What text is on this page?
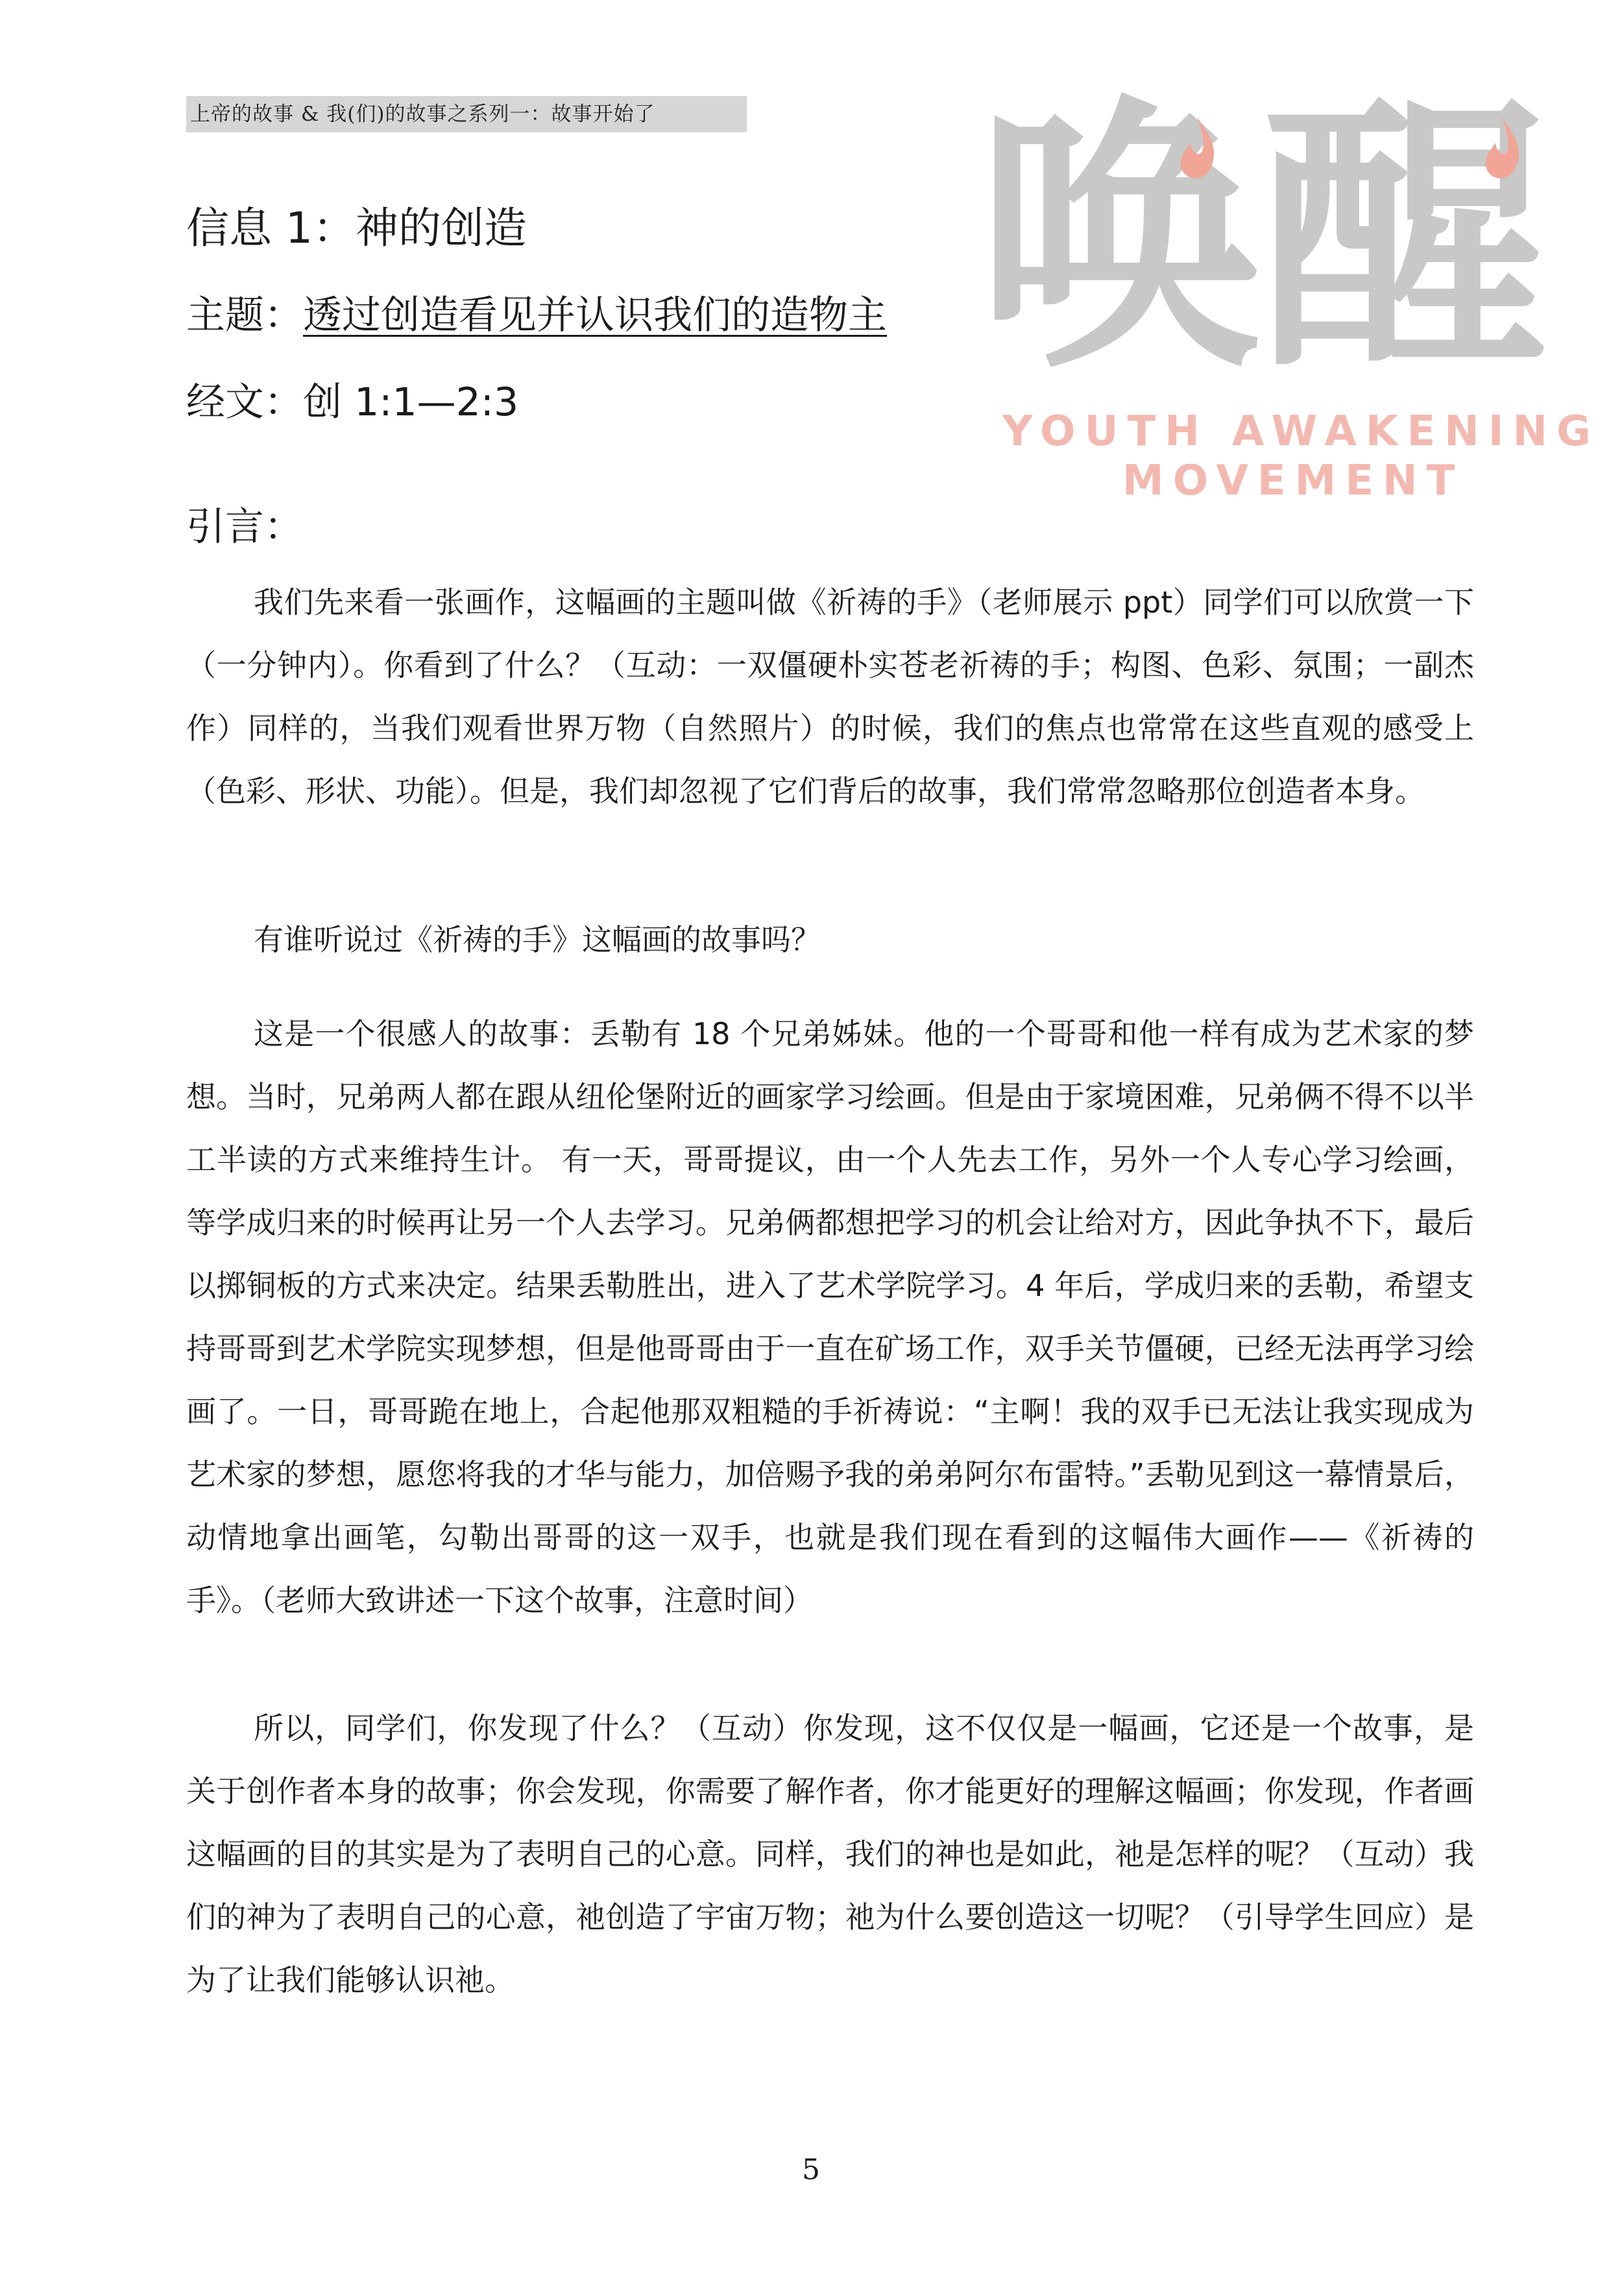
上帝的故事 & 我(们)的故事之系列一：故事开始了	唤醒
YOUTH AWAKENING
MOVEMENT
信息 1：神的创造
主题：透过创造看见并认识我们的造物主
经文：创 1:1—2:3
引言：

我们先来看一张画作，这幅画的主题叫做《祈祷的手》（老师展示 ppt）同学们可以欣赏一下（一分钟内）。你看到了什么？（互动：一双僵硬朴实苍老祈祷的手；构图、色彩、氛围；一副杰作）同样的，当我们观看世界万物（自然照片）的时候，我们的焦点也常常在这些直观的感受上（色彩、形状、功能）。但是，我们却忽视了它们背后的故事，我们常常忽略那位创造者本身。

有谁听说过《祈祷的手》这幅画的故事吗？

这是一个很感人的故事：丢勒有 18 个兄弟姊妹。他的一个哥哥和他一样有成为艺术家的梦想。当时，兄弟两人都在跟从纽伦堡附近的画家学习绘画。但是由于家境困难，兄弟俩不得不以半工半读的方式来维持生计。 有一天，哥哥提议，由一个人先去工作，另外一个人专心学习绘画，等学成归来的时候再让另一个人去学习。兄弟俩都想把学习的机会让给对方，因此争执不下，最后以掷铜板的方式来决定。结果丢勒胜出，进入了艺术学院学习。4 年后，学成归来的丢勒，希望支持哥哥到艺术学院实现梦想，但是他哥哥由于一直在矿场工作，双手关节僵硬，已经无法再学习绘画了。一日，哥哥跪在地上，合起他那双粗糙的手祈祷说：“主啊！我的双手已无法让我实现成为艺术家的梦想，愿您将我的才华与能力，加倍赐予我的弟弟阿尔布雷特。”丢勒见到这一幕情景后，动情地拿出画笔，勾勒出哥哥的这一双手，也就是我们现在看到的这幅伟大画作——《祈祷的手》。（老师大致讲述一下这个故事，注意时间）

所以，同学们，你发现了什么？（互动）你发现，这不仅仅是一幅画，它还是一个故事，是关于创作者本身的故事；你会发现，你需要了解作者，你才能更好的理解这幅画；你发现，作者画这幅画的目的其实是为了表明自己的心意。同样，我们的神也是如此，祂是怎样的呢？（互动）我们的神为了表明自己的心意，祂创造了宇宙万物；祂为什么要创造这一切呢？（引导学生回应）是为了让我们能够认识祂。

5
